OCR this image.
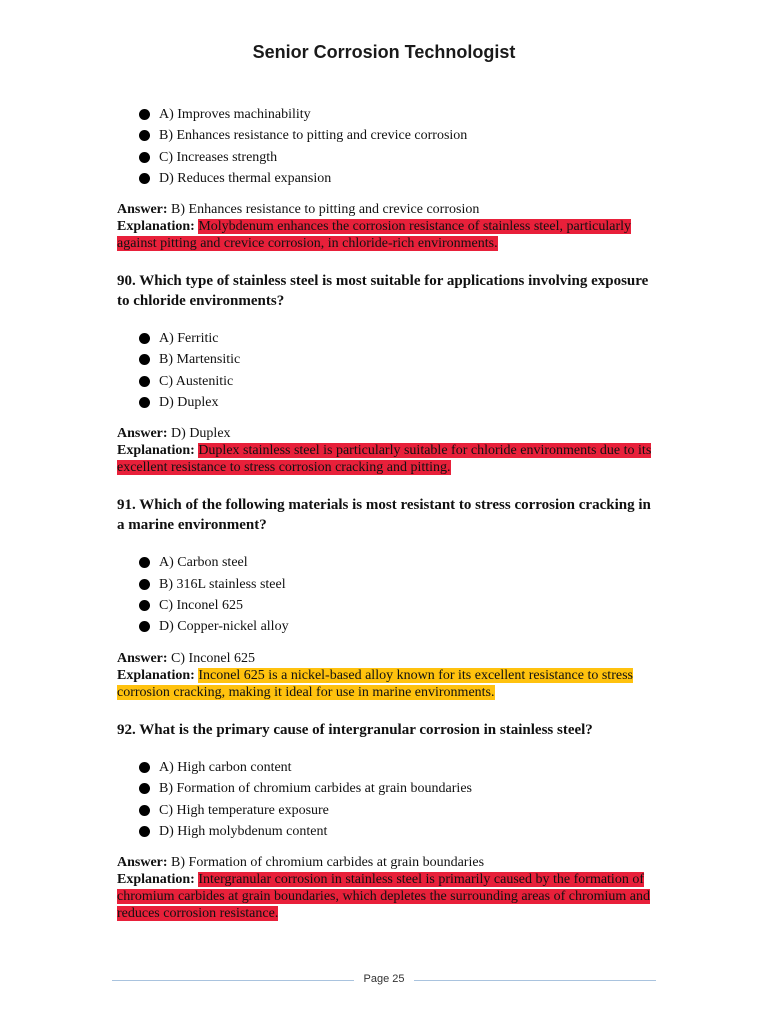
Senior Corrosion Technologist
A) Improves machinability
B) Enhances resistance to pitting and crevice corrosion
C) Increases strength
D) Reduces thermal expansion
Answer: B) Enhances resistance to pitting and crevice corrosion
Explanation: Molybdenum enhances the corrosion resistance of stainless steel, particularly against pitting and crevice corrosion, in chloride-rich environments.
90. Which type of stainless steel is most suitable for applications involving exposure to chloride environments?
A) Ferritic
B) Martensitic
C) Austenitic
D) Duplex
Answer: D) Duplex
Explanation: Duplex stainless steel is particularly suitable for chloride environments due to its excellent resistance to stress corrosion cracking and pitting.
91. Which of the following materials is most resistant to stress corrosion cracking in a marine environment?
A) Carbon steel
B) 316L stainless steel
C) Inconel 625
D) Copper-nickel alloy
Answer: C) Inconel 625
Explanation: Inconel 625 is a nickel-based alloy known for its excellent resistance to stress corrosion cracking, making it ideal for use in marine environments.
92. What is the primary cause of intergranular corrosion in stainless steel?
A) High carbon content
B) Formation of chromium carbides at grain boundaries
C) High temperature exposure
D) High molybdenum content
Answer: B) Formation of chromium carbides at grain boundaries
Explanation: Intergranular corrosion in stainless steel is primarily caused by the formation of chromium carbides at grain boundaries, which depletes the surrounding areas of chromium and reduces corrosion resistance.
Page 25
